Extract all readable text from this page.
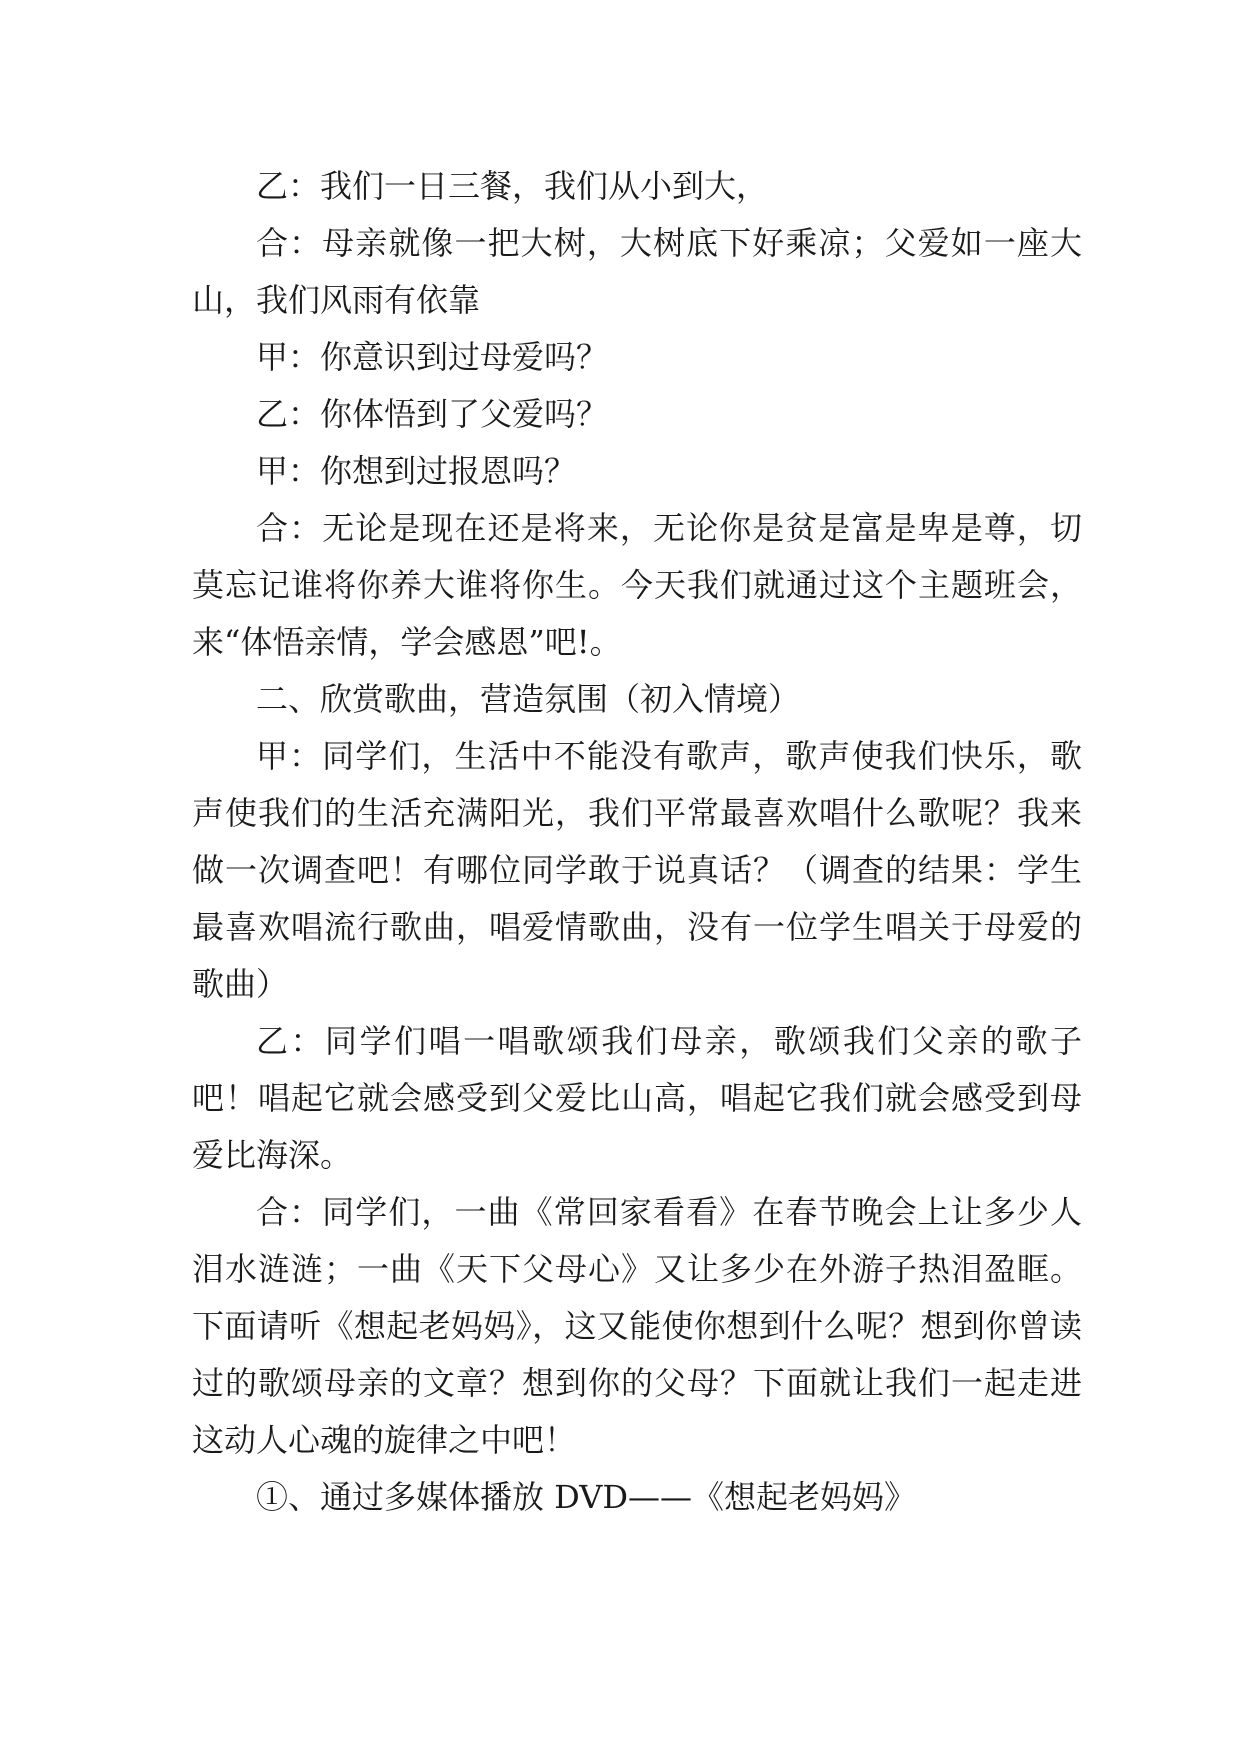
乙：我们一日三餐，我们从小到大，

合：母亲就像一把大树，大树底下好乘凉；父爱如一座大山，我们风雨有依靠

甲：你意识到过母爱吗？

乙：你体悟到了父爱吗？

甲：你想到过报恩吗？

合：无论是现在还是将来，无论你是贫是富是卑是尊，切莫忘记谁将你养大谁将你生。今天我们就通过这个主题班会，来“体悟亲情，学会感恩”吧!。

二、欣赏歌曲，营造氛围（初入情境）

甲：同学们，生活中不能没有歌声，歌声使我们快乐，歌声使我们的生活充满阳光，我们平常最喜欢唱什么歌呢？我来做一次调查吧！有哪位同学敢于说真话？（调查的结果：学生最喜欢唱流行歌曲，唱爱情歌曲，没有一位学生唱关于母爱的歌曲）

乙：同学们唱一唱歌颂我们母亲，歌颂我们父亲的歌子吧！唱起它就会感受到父爱比山高，唱起它我们就会感受到母爱比海深。

合：同学们，一曲《常回家看看》在春节晚会上让多少人泪水涟涟；一曲《天下父母心》又让多少在外游子热泪盈眶。下面请听《想起老妈妈》，这又能使你想到什么呢？想到你曾读过的歌颂母亲的文章？想到你的父母？下面就让我们一起走进这动人心魂的旋律之中吧！

①、通过多媒体播放 DVD——《想起老妈妈》
